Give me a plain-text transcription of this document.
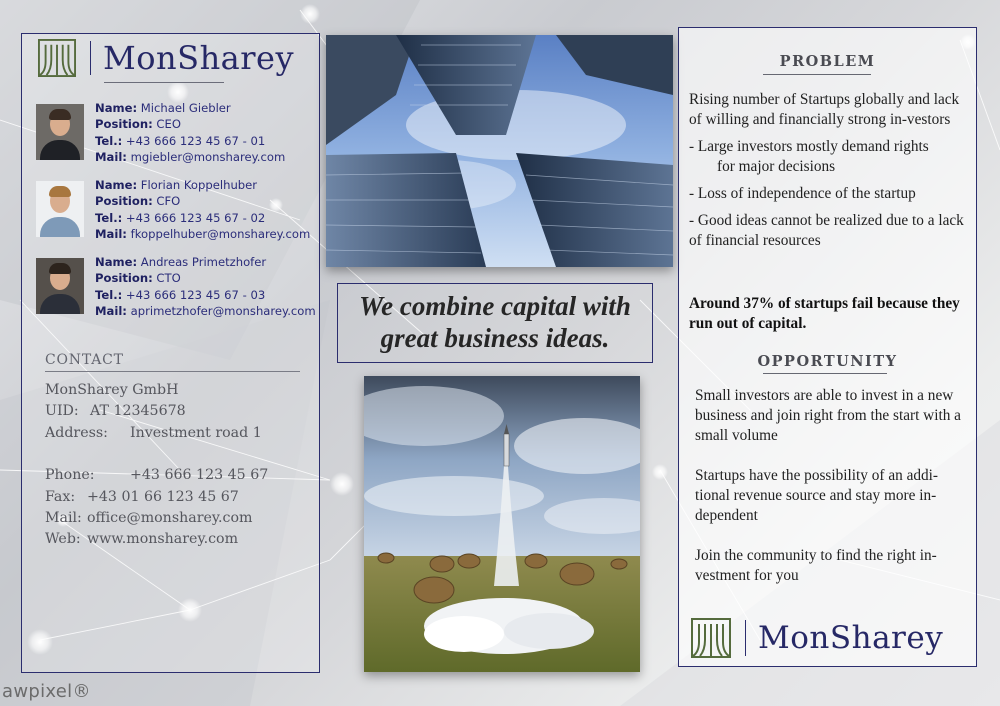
MonSharey
Name: Michael Giebler
Position: CEO
Tel.: +43 666 123 45 67 - 01
Mail: mgiebler@monsharey.com
Name: Florian Koppelhuber
Position: CFO
Tel.: +43 666 123 45 67 - 02
Mail: fkoppelhuber@monsharey.com
Name: Andreas Primetzhofer
Position: CTO
Tel.: +43 666 123 45 67 - 03
Mail: aprimetzhofer@monsharey.com
CONTACT
MonSharey GmbH
UID: AT 12345678
Address: Investment road 1
Phone: +43 666 123 45 67
Fax: +43 01 66 123 45 67
Mail: office@monsharey.com
Web: www.monsharey.com
We combine capital with
great business ideas.
PROBLEM

Rising number of Startups globally and lack of willing and financially strong in-vestors

- Large investors mostly demand rights
for major decisions

- Loss of independence of the startup

- Good ideas cannot be realized due to a lack of financial resources

Around 37% of startups fail because they run out of capital.
OPPORTUNITY

Small investors are able to invest in a new business and join right from the start with a small volume

Startups have the possibility of an addi-tional revenue source and stay more in-dependent

Join the community to find the right in-vestment for you

MonSharey
awpixel®
